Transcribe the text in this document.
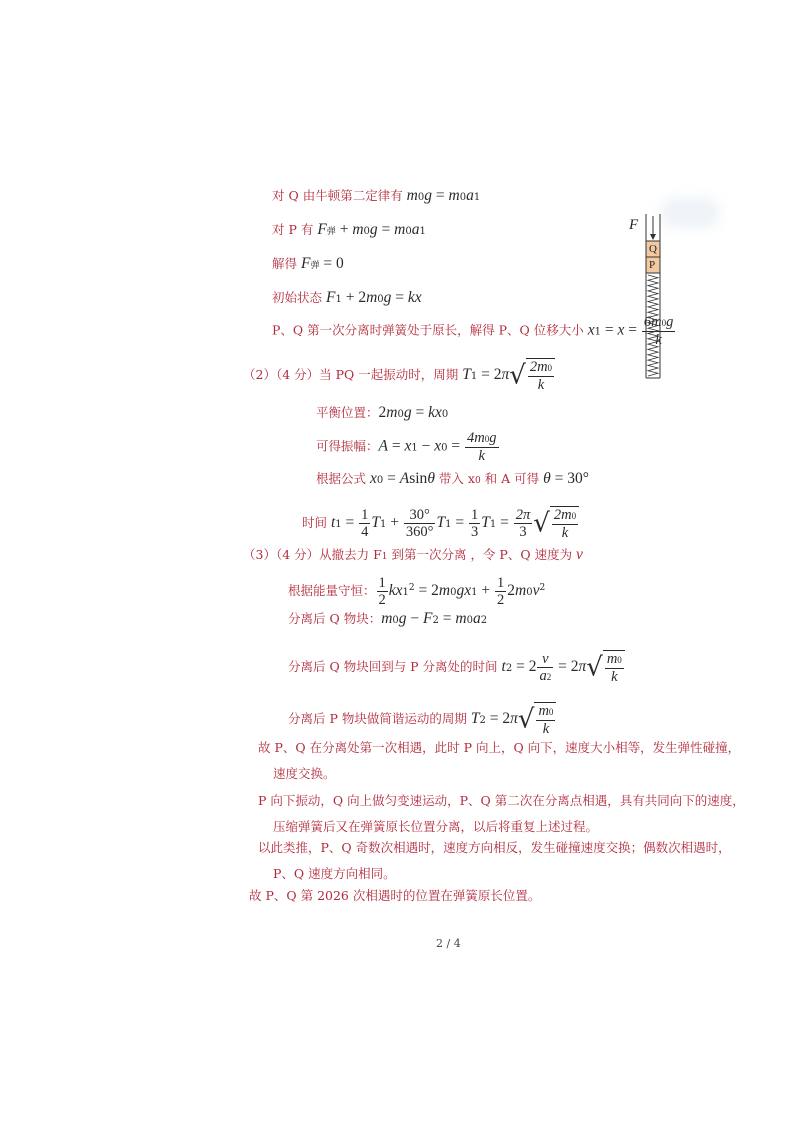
对 Q 由牛顿第二定律有 m0g = m0a1
对 P 有 F弹 + m0g = m0a1
解得 F弹 = 0
初始状态 F1 + 2m0g = kx
P、Q 第一次分离时弹簧处于原长，解得 P、Q 位移大小 $x1 = x = \frac{6m0g}{k}$
（2）（4 分）当 PQ 一起振动时，周期 $T1 = 2\pi√ \frac{2m0}{k}$
平衡位置：2m0g = kx0
可得振幅：$A = x1 - x0 = \frac{4m0g}{k}$
根据公式 x0 = Asinθ 带入 x0 和 A 可得 θ = 30°
时间 $t1 = \frac{1}{4} T1 + \frac{30^\circ}{360^\circ} T1 = \frac{1}{3} T1 = \frac{2\pi}{3}$ √ $\frac{2m0}{k}$
（3）（4 分）从撤去力 F1 到第一次分离 ，令 P、Q 速度为 v
根据能量守恒： $\frac{1}{2} kx1^2 = 2m0gx1 + \frac{1}{2} 2m0v^2$
分离后 Q 物块：m0g − F2 = m0a2
分离后 Q 物块回到与 P 分离处的时间 $t2 = 2 \frac{v}{a2} = 2\pi√ \frac{m0}{k}$
分离后 P 物块做简谐运动的周期 $T2 = 2\pi√ \frac{m0}{k}$
故 P、Q 在分离处第一次相遇，此时 P 向上，Q 向下，速度大小相等，发生弹性碰撞，
速度交换。
P 向下振动，Q 向上做匀变速运动，P、Q 第二次在分离点相遇，具有共同向下的速度，
压缩弹簧后又在弹簧原长位置分离，以后将重复上述过程。
以此类推，P、Q 奇数次相遇时，速度方向相反，发生碰撞速度交换；偶数次相遇时，
P、Q 速度方向相同。
故 P、Q 第 2026 次相遇时的位置在弹簧原长位置。
2 / 4
F
Q
P
